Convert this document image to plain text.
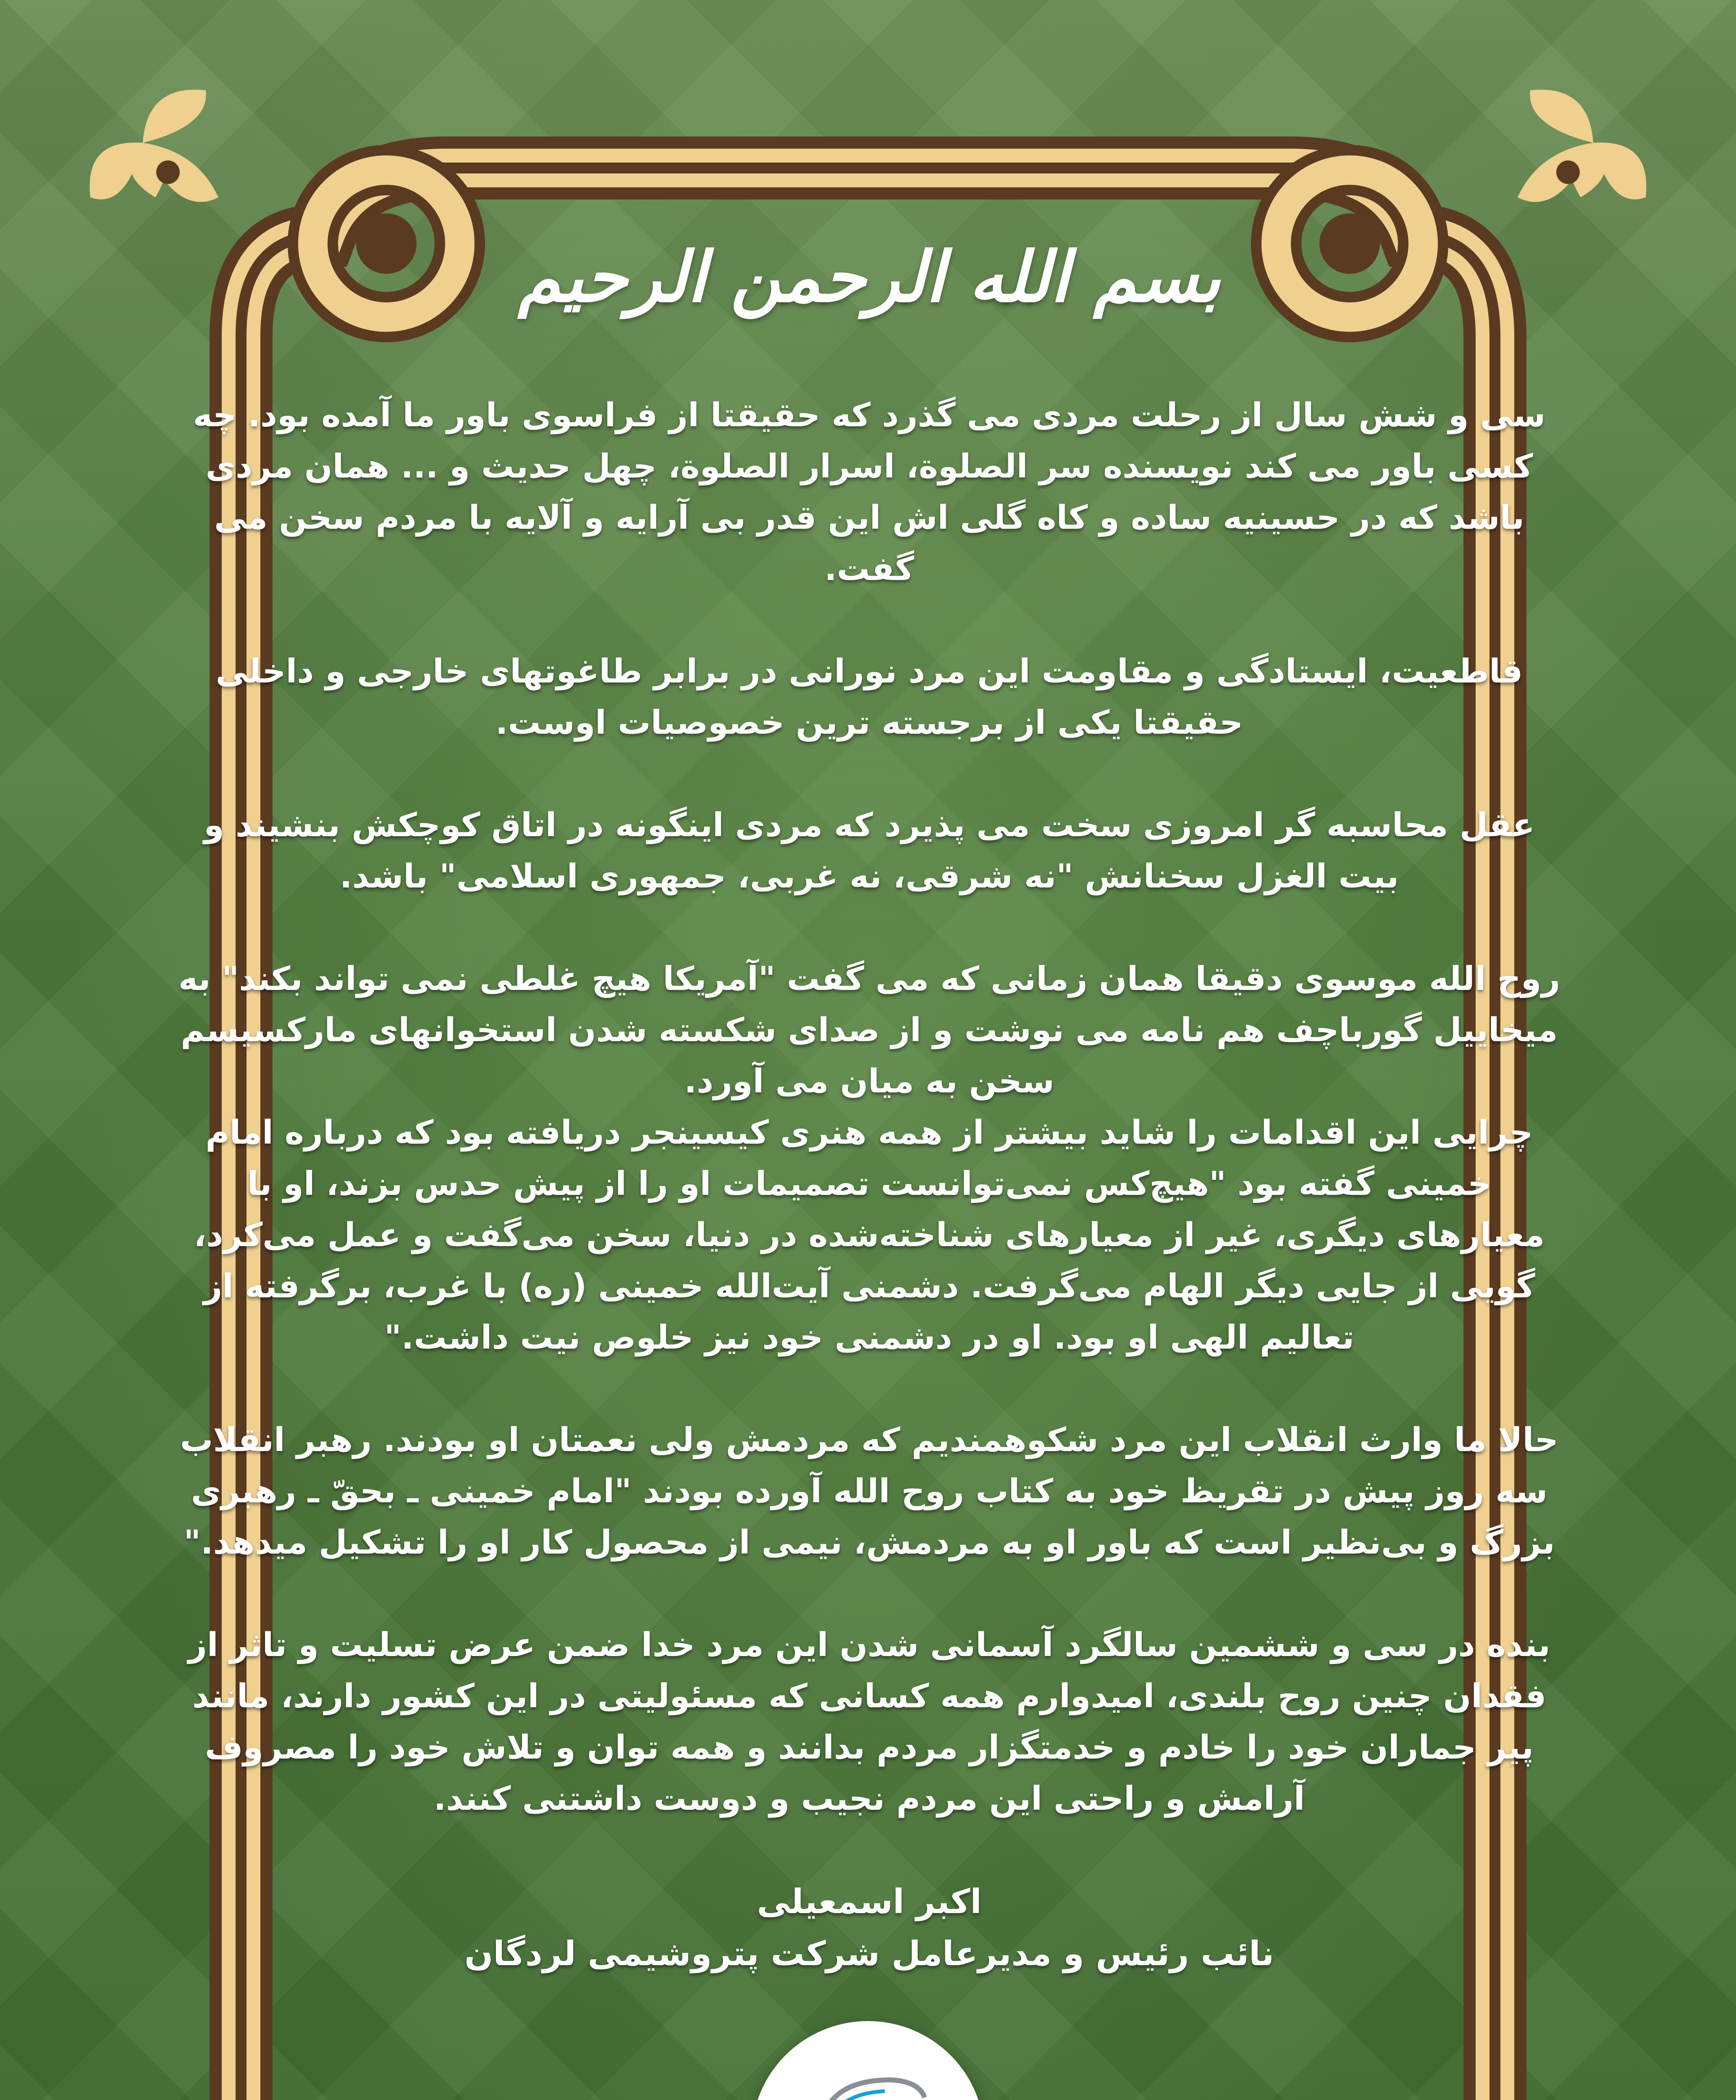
بسم الله الرحمن الرحیم

سی و شش سال از رحلت مردی می گذرد که حقیقتا از فراسوی باور ما آمده بود. چه کسی باور می کند نویسنده سر الصلوة، اسرار الصلوة، چهل حدیث و ... همان مردی باشد که در حسینیه ساده و کاه گلی اش این قدر بی آرایه و آلایه با مردم سخن می گفت.

قاطعیت، ایستادگی و مقاومت این مرد نورانی در برابر طاغوتهای خارجی و داخلی حقیقتا یکی از برجسته ترین خصوصیات اوست.

عقل محاسبه گر امروزی سخت می پذیرد که مردی اینگونه در اتاق کوچکش بنشیند و بیت الغزل سخنانش "نه شرقی، نه غربی، جمهوری اسلامی" باشد.

روح الله موسوی دقیقا همان زمانی که می گفت "آمریکا هیچ غلطی نمی تواند بکند" به میخاییل گورباچف هم نامه می نوشت و از صدای شکسته شدن استخوانهای مارکسیسم سخن به میان می آورد.

چرایی این اقدامات را شاید بیشتر از همه هنری کیسینجر دریافته بود که درباره امام خمینی گفته بود "هیچ‌کس نمی‌توانست تصمیمات او را از پیش حدس بزند، او با معیارهای دیگری، غیر از معیارهای شناخته‌شده در دنیا، سخن می‌گفت و عمل می‌کرد، گویی از جایی دیگر الهام می‌گرفت. دشمنی آیت‌الله خمینی (ره) با غرب، برگرفته از تعالیم الهی او بود. او در دشمنی خود نیز خلوص نیت داشت."

حالا ما وارث انقلاب این مرد شکوهمندیم که مردمش ولی نعمتان او بودند. رهبر انقلاب سه روز پیش در تقریظ خود به کتاب روح الله آورده بودند "امام خمینی ـ بحقّ ـ رهبری بزرگ و بی‌نظیر است که باور او به مردمش، نیمی از محصول کار او را تشکیل میدهد."

بنده در سی و ششمین سالگرد آسمانی شدن این مرد خدا ضمن عرض تسلیت و تاثر از فقدان چنین روح بلندی، امیدوارم همه کسانی که مسئولیتی در این کشور دارند، مانند پیر جماران خود را خادم و خدمتگزار مردم بدانند و همه توان و تلاش خود را مصروف آرامش و راحتی این مردم نجیب و دوست داشتنی کنند.

اکبر اسمعیلی

نائب رئیس و مدیرعامل شرکت پتروشیمی لردگان
